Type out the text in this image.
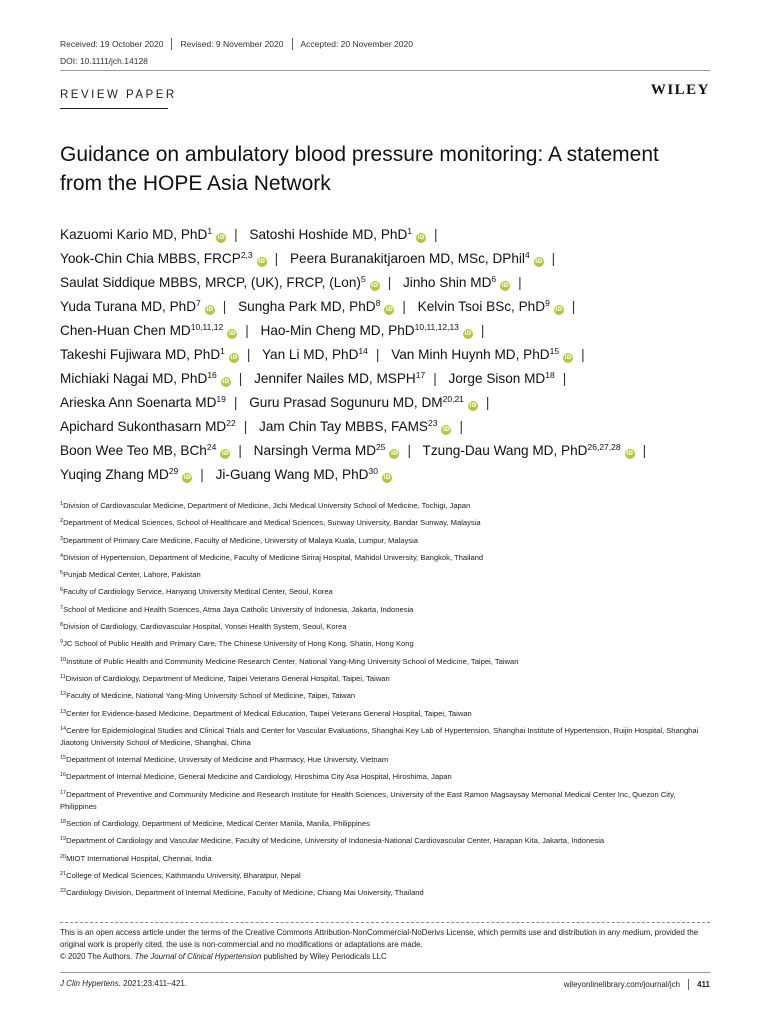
Received: 19 October 2020 Revised: 9 November 2020 Accepted: 20 November 2020
DOI: 10.1111/jch.14128
REVIEW PAPER	WILEY
Guidance on ambulatory blood pressure monitoring: A statement from the HOPE Asia Network
Kazuomi Kario MD, PhD$^1$iD | Satoshi Hoshide MD, PhD$^1$iD |
Yook-Chin Chia MBBS, FRCP$^{2,3}$iD | Peera Buranakitjaroen MD, MSc, DPhil$^4$iD |
Saulat Siddique MBBS, MRCP, (UK), FRCP, (Lon)$^5$iD | Jinho Shin $MD^6iD$ |
Yuda Turana MD, PhD$^7$iD | Sungha Park MD, PhD$^8$iD | Kelvin Tsoi BSc, PhD$^9$iD |
Chen-Huan Chen MD$^{10,11,12}$iD | Hao-Min Cheng MD, PhD$^{10,11,12,13}$iD |
Takeshi Fujiwara MD, PhD$^1$iD | Yan Li MD, PhD$^{14}$ | Van Minh Huynh MD, PhD$^{15}$iD |
Michiaki Nagai MD, PhD$^{16}$iD | Jennifer Nailes MD, MSPH$^{17}$ | Jorge Sison MD$^{18}$ |
Arieska Ann Soenarta MD$^{19}$ | Guru Prasad Sogunuru MD, DM$^{20,21}$iD |
Apichard Sukonthasarn MD$^{22}$ | Jam Chin Tay MBBS, FAMS$^{23}$iD |
Boon Wee Teo MB, BCh$^{24}$iD | Narsingh Verma MD$^{25}$iD | Tzung-Dau Wang MD, PhD$^{26,27,28}$iD |
Yuqing Zhang MD$^{29}$iD | Ji-Guang Wang MD, PhD$^{30}$iD
$^1$Division of Cardiovascular Medicine, Department of Medicine, Jichi Medical University School of Medicine, Tochigi, Japan
$^2$Department of Medical Sciences, School of Healthcare and Medical Sciences, Sunway University, Bandar Sunway, Malaysia
$^3$Department of Primary Care Medicine, Faculty of Medicine, University of Malaya Kuala, Lumpur, Malaysia
$^4$Division of Hypertension, Department of Medicine, Faculty of Medicine Siriraj Hospital, Mahidol University, Bangkok, Thailand
$^5$Punjab Medical Center, Lahore, Pakistan
$^6$Faculty of Cardiology Service, Hanyang University Medical Center, Seoul, Korea
$^7$School of Medicine and Health Sciences, Atma Jaya Catholic University of Indonesia, Jakarta, Indonesia
$^8$Division of Cardiology, Cardiovascular Hospital, Yonsei Health System, Seoul, Korea
$^9$JC School of Public Health and Primary Care, The Chinese University of Hong Kong, Shatin, Hong Kong
$^{10}$Institute of Public Health and Community Medicine Research Center, National Yang-Ming University School of Medicine, Taipei, Taiwan
$^{11}$Division of Cardiology, Department of Medicine, Taipei Veterans General Hospital, Taipei, Taiwan
$^{12}$Faculty of Medicine, National Yang-Ming University School of Medicine, Taipei, Taiwan
$^{13}$Center for Evidence-based Medicine, Department of Medical Education, Taipei Veterans General Hospital, Taipei, Taiwan
$^{14}$Centre for Epidemiological Studies and Clinical Trials and Center for Vascular Evaluations, Shanghai Key Lab of Hypertension, Shanghai Institute of Hypertension, Ruijin Hospital, Shanghai Jiaotong University School of Medicine, Shanghai, China
$^{15}$Department of Internal Medicine, University of Medicine and Pharmacy, Hue University, Vietnam
$^{16}$Department of Internal Medicine, General Medicine and Cardiology, Hiroshima City Asa Hospital, Hiroshima, Japan
$^{17}$Department of Preventive and Community Medicine and Research Institute for Health Sciences, University of the East Ramon Magsaysay Memorial Medical Center Inc, Quezon City, Philippines
$^{18}$Section of Cardiology, Department of Medicine, Medical Center Manila, Manila, Philippines
$^{19}$Department of Cardiology and Vascular Medicine, Faculty of Medicine, University of Indonesia-National Cardiovascular Center, Harapan Kita, Jakarta, Indonesia
$^{20}$MIOT International Hospital, Chennai, India
$^{21}$College of Medical Sciences, Kathmandu University, Bharatpur, Nepal
$^{22}$Cardiology Division, Department of Internal Medicine, Faculty of Medicine, Chiang Mai University, Thailand
This is an open access article under the terms of the Creative Commons Attribution-NonCommercial-NoDerivs License, which permits use and distribution in any medium, provided the original work is properly cited, the use is non-commercial and no modifications or adaptations are made.
© 2020 The Authors. The Journal of Clinical Hypertension published by Wiley Periodicals LLC
J Clin Hypertens. 2021;23:411–421.	wileyonlinelibrary.com/journal/jch 411
